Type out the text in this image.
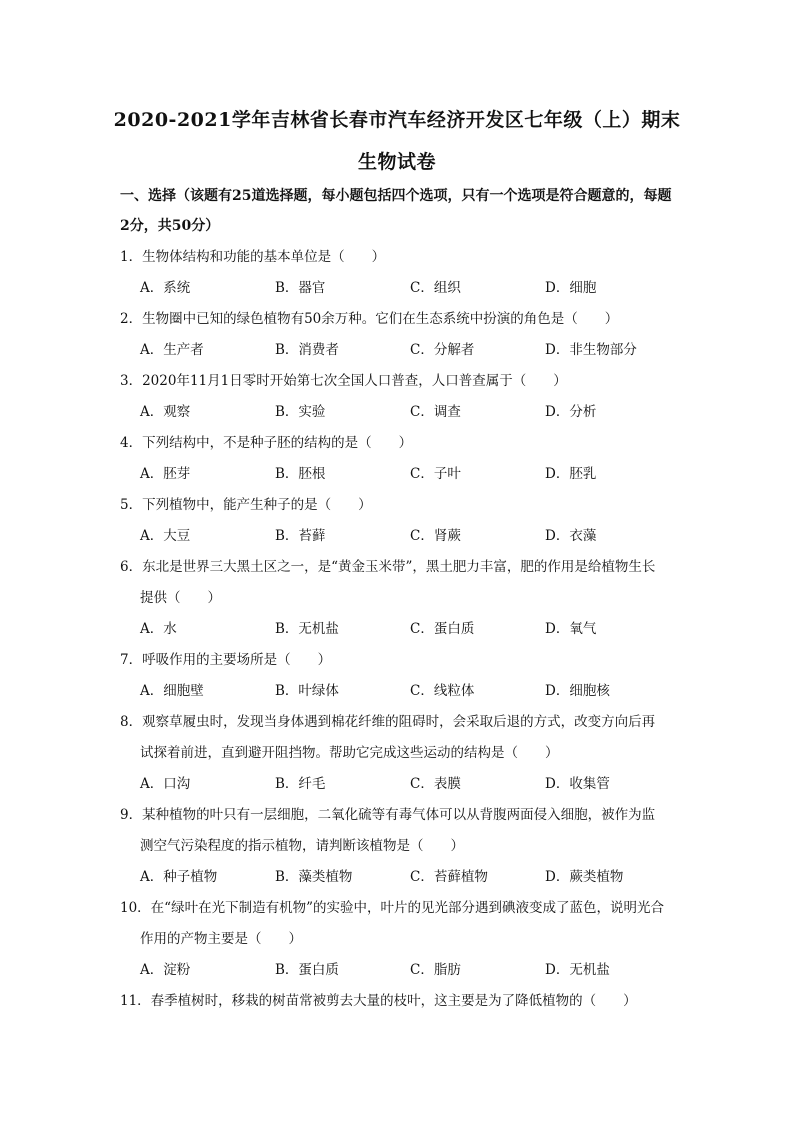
2020-2021学年吉林省长春市汽车经济开发区七年级（上）期末
生物试卷
一、选择（该题有25道选择题，每小题包括四个选项，只有一个选项是符合题意的，每题
2分，共50分）
1．生物体结构和功能的基本单位是（　　）
A．系统	B．器官	C．组织	D．细胞
2．生物圈中已知的绿色植物有50余万种。它们在生态系统中扮演的角色是（　　）
A．生产者	B．消费者	C．分解者	D．非生物部分
3．2020年11月1日零时开始第七次全国人口普查，人口普查属于（　　）
A．观察	B．实验	C．调查	D．分析
4．下列结构中，不是种子胚的结构的是（　　）
A．胚芽	B．胚根	C．子叶	D．胚乳
5．下列植物中，能产生种子的是（　　）
A．大豆	B．苔藓	C．肾蕨	D．衣藻
6．东北是世界三大黑土区之一，是“黄金玉米带”，黑土肥力丰富，肥的作用是给植物生长
提供（　　）
A．水	B．无机盐	C．蛋白质	D．氧气
7．呼吸作用的主要场所是（　　）
A．细胞壁	B．叶绿体	C．线粒体	D．细胞核
8．观察草履虫时，发现当身体遇到棉花纤维的阻碍时，会采取后退的方式，改变方向后再
试探着前进，直到避开阻挡物。帮助它完成这些运动的结构是（　　）
A．口沟	B．纤毛	C．表膜	D．收集管
9．某种植物的叶只有一层细胞，二氧化硫等有毒气体可以从背腹两面侵入细胞，被作为监
测空气污染程度的指示植物，请判断该植物是（　　）
A．种子植物	B．藻类植物	C．苔藓植物	D．蕨类植物
10．在“绿叶在光下制造有机物”的实验中，叶片的见光部分遇到碘液变成了蓝色，说明光合
作用的产物主要是（　　）
A．淀粉	B．蛋白质	C．脂肪	D．无机盐
11．春季植树时，移栽的树苗常被剪去大量的枝叶，这主要是为了降低植物的（　　）
